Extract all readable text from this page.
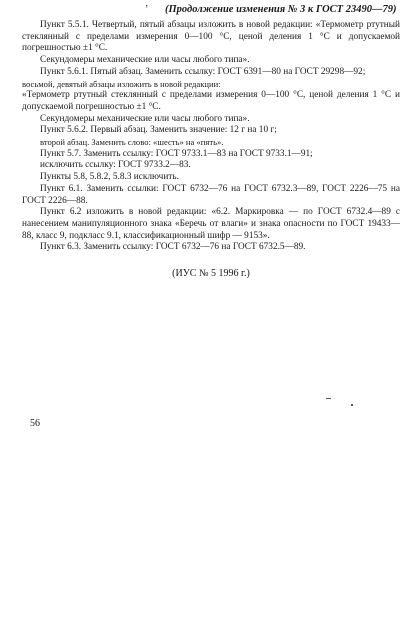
ʼ (Продолжение изменения № 3 к ГОСТ 23490—79)

Пункт 5.5.1. Четвертый, пятый абзацы изложить в новой редакции: «Термометр ртутный стеклянный с пределами измерения 0—100 °С, ценой деления 1 °С и допускаемой погрешностью ±1 °С.

Секундомеры механические или часы любого типа».

Пункт 5.6.1. Пятый абзац. Заменить ссылку: ГОСТ 6391—80 на ГОСТ 29298—92;

восьмой, девятый абзацы изложить в новой редакции:

«Термометр ртутный стеклянный с пределами измерения 0—100 °С, ценой деления 1 °С и допускаемой погрешностью ±1 °С.

Секундомеры механические или часы любого типа».

Пункт 5.6.2. Первый абзац. Заменить значение: 12 г на 10 г;

второй абзац. Заменить слово: «шесть» на «пять».

Пункт 5.7. Заменить ссылку: ГОСТ 9733.1—83 на ГОСТ 9733.1—91;

исключить ссылку: ГОСТ 9733.2—83.

Пункты 5.8, 5.8.2, 5.8.3 исключить.

Пункт 6.1. Заменить ссылки: ГОСТ 6732—76 на ГОСТ 6732.3—89, ГОСТ 2226—75 на ГОСТ 2226—88.

Пункт 6.2 изложить в новой редакции: «6.2. Маркировка — по ГОСТ 6732.4—89 с нанесением манипуляционного знака «Беречь от влаги» и знака опасности по ГОСТ 19433—88, класс 9, подкласс 9.1, классификационный шифр — 9153».

Пункт 6.3. Заменить ссылку: ГОСТ 6732—76 на ГОСТ 6732.5—89.

(ИУС № 5 1996 г.)
56
